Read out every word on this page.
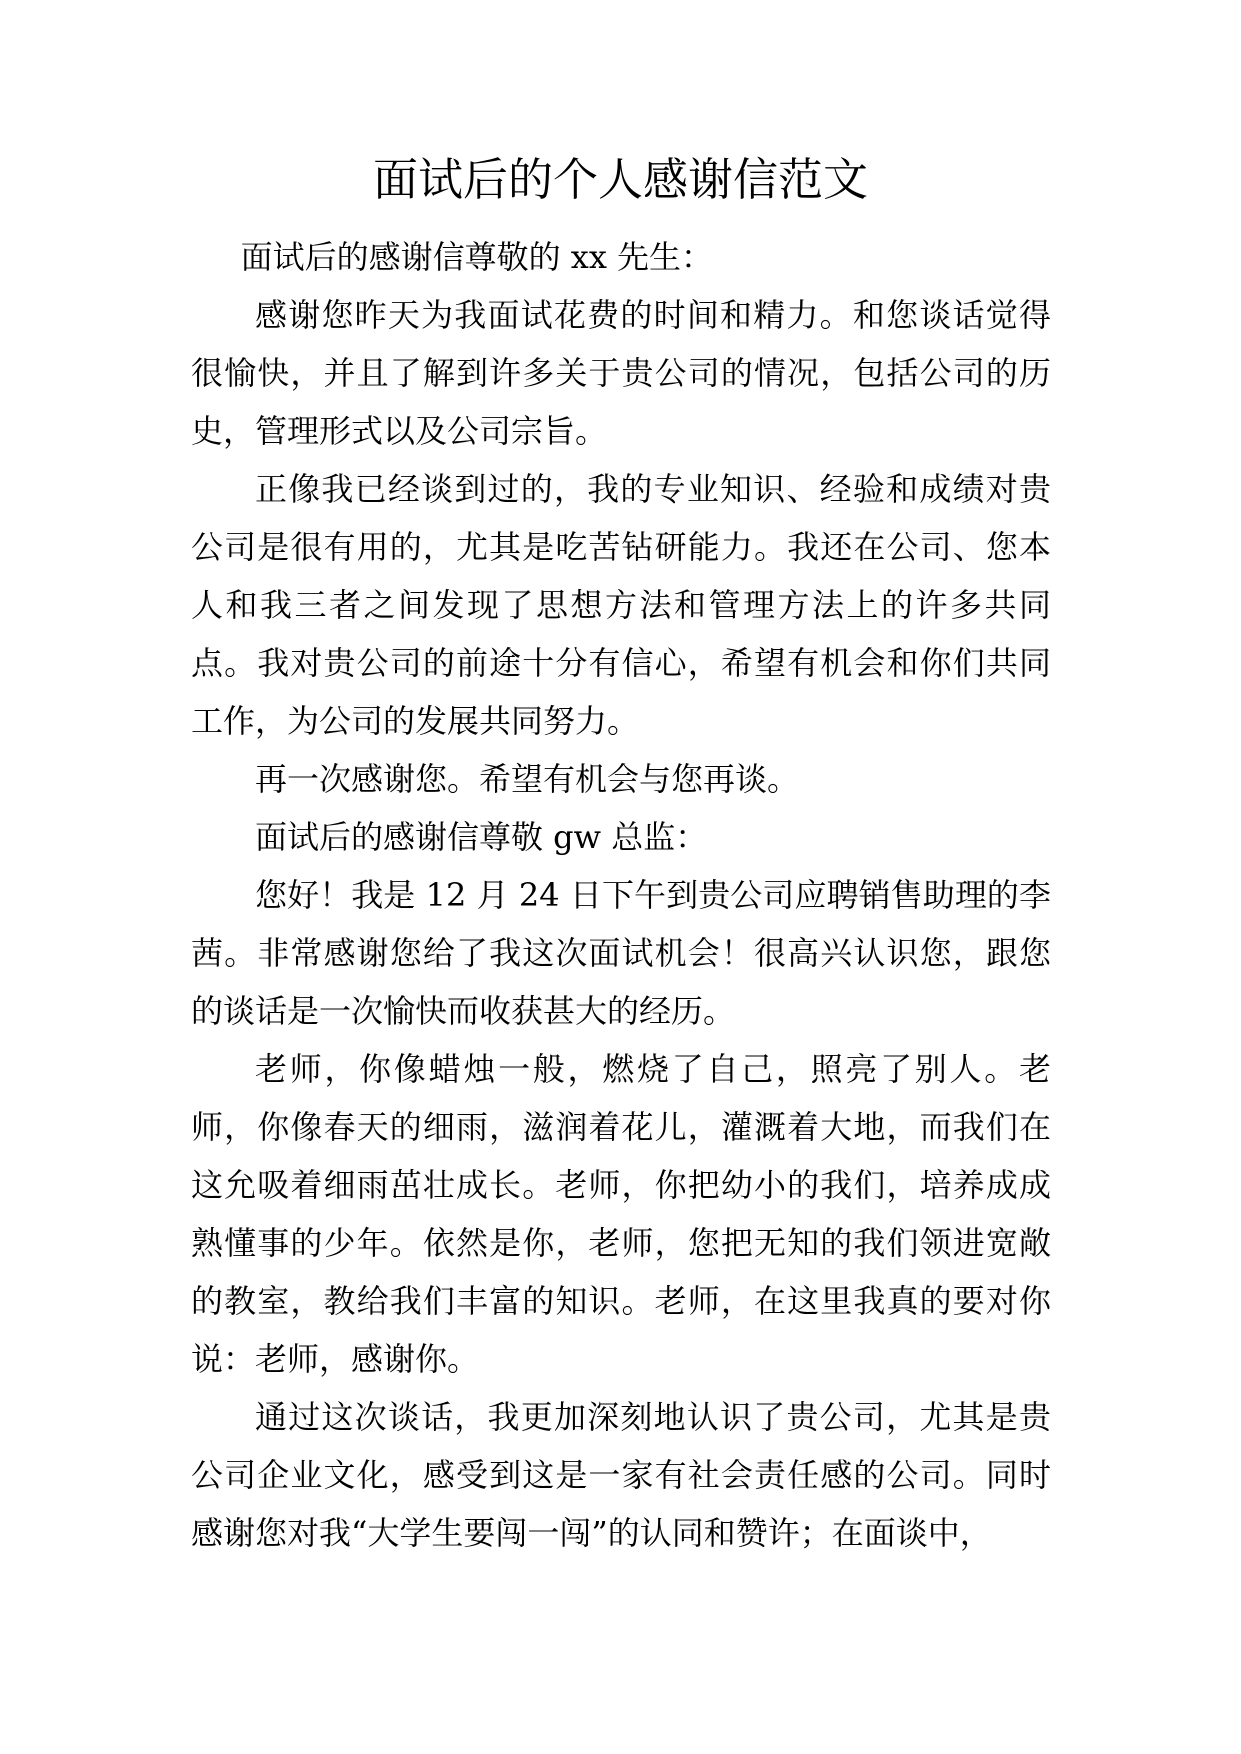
面试后的个人感谢信范文

面试后的感谢信尊敬的 xx 先生：

感谢您昨天为我面试花费的时间和精力。和您谈话觉得很愉快，并且了解到许多关于贵公司的情况，包括公司的历史，管理形式以及公司宗旨。

正像我已经谈到过的，我的专业知识、经验和成绩对贵公司是很有用的，尤其是吃苦钻研能力。我还在公司、您本人和我三者之间发现了思想方法和管理方法上的许多共同点。我对贵公司的前途十分有信心，希望有机会和你们共同工作，为公司的发展共同努力。

再一次感谢您。希望有机会与您再谈。

面试后的感谢信尊敬 gw 总监：

您好！我是 12 月 24 日下午到贵公司应聘销售助理的李茜。非常感谢您给了我这次面试机会！很高兴认识您，跟您的谈话是一次愉快而收获甚大的经历。

老师，你像蜡烛一般，燃烧了自己，照亮了别人。老师，你像春天的细雨，滋润着花儿，灌溉着大地，而我们在这允吸着细雨茁壮成长。老师，你把幼小的我们，培养成成熟懂事的少年。依然是你，老师，您把无知的我们领进宽敞的教室，教给我们丰富的知识。老师，在这里我真的要对你说：老师，感谢你。

通过这次谈话，我更加深刻地认识了贵公司，尤其是贵公司企业文化，感受到这是一家有社会责任感的公司。同时感谢您对我“大学生要闯一闯”的认同和赞许；在面谈中，
